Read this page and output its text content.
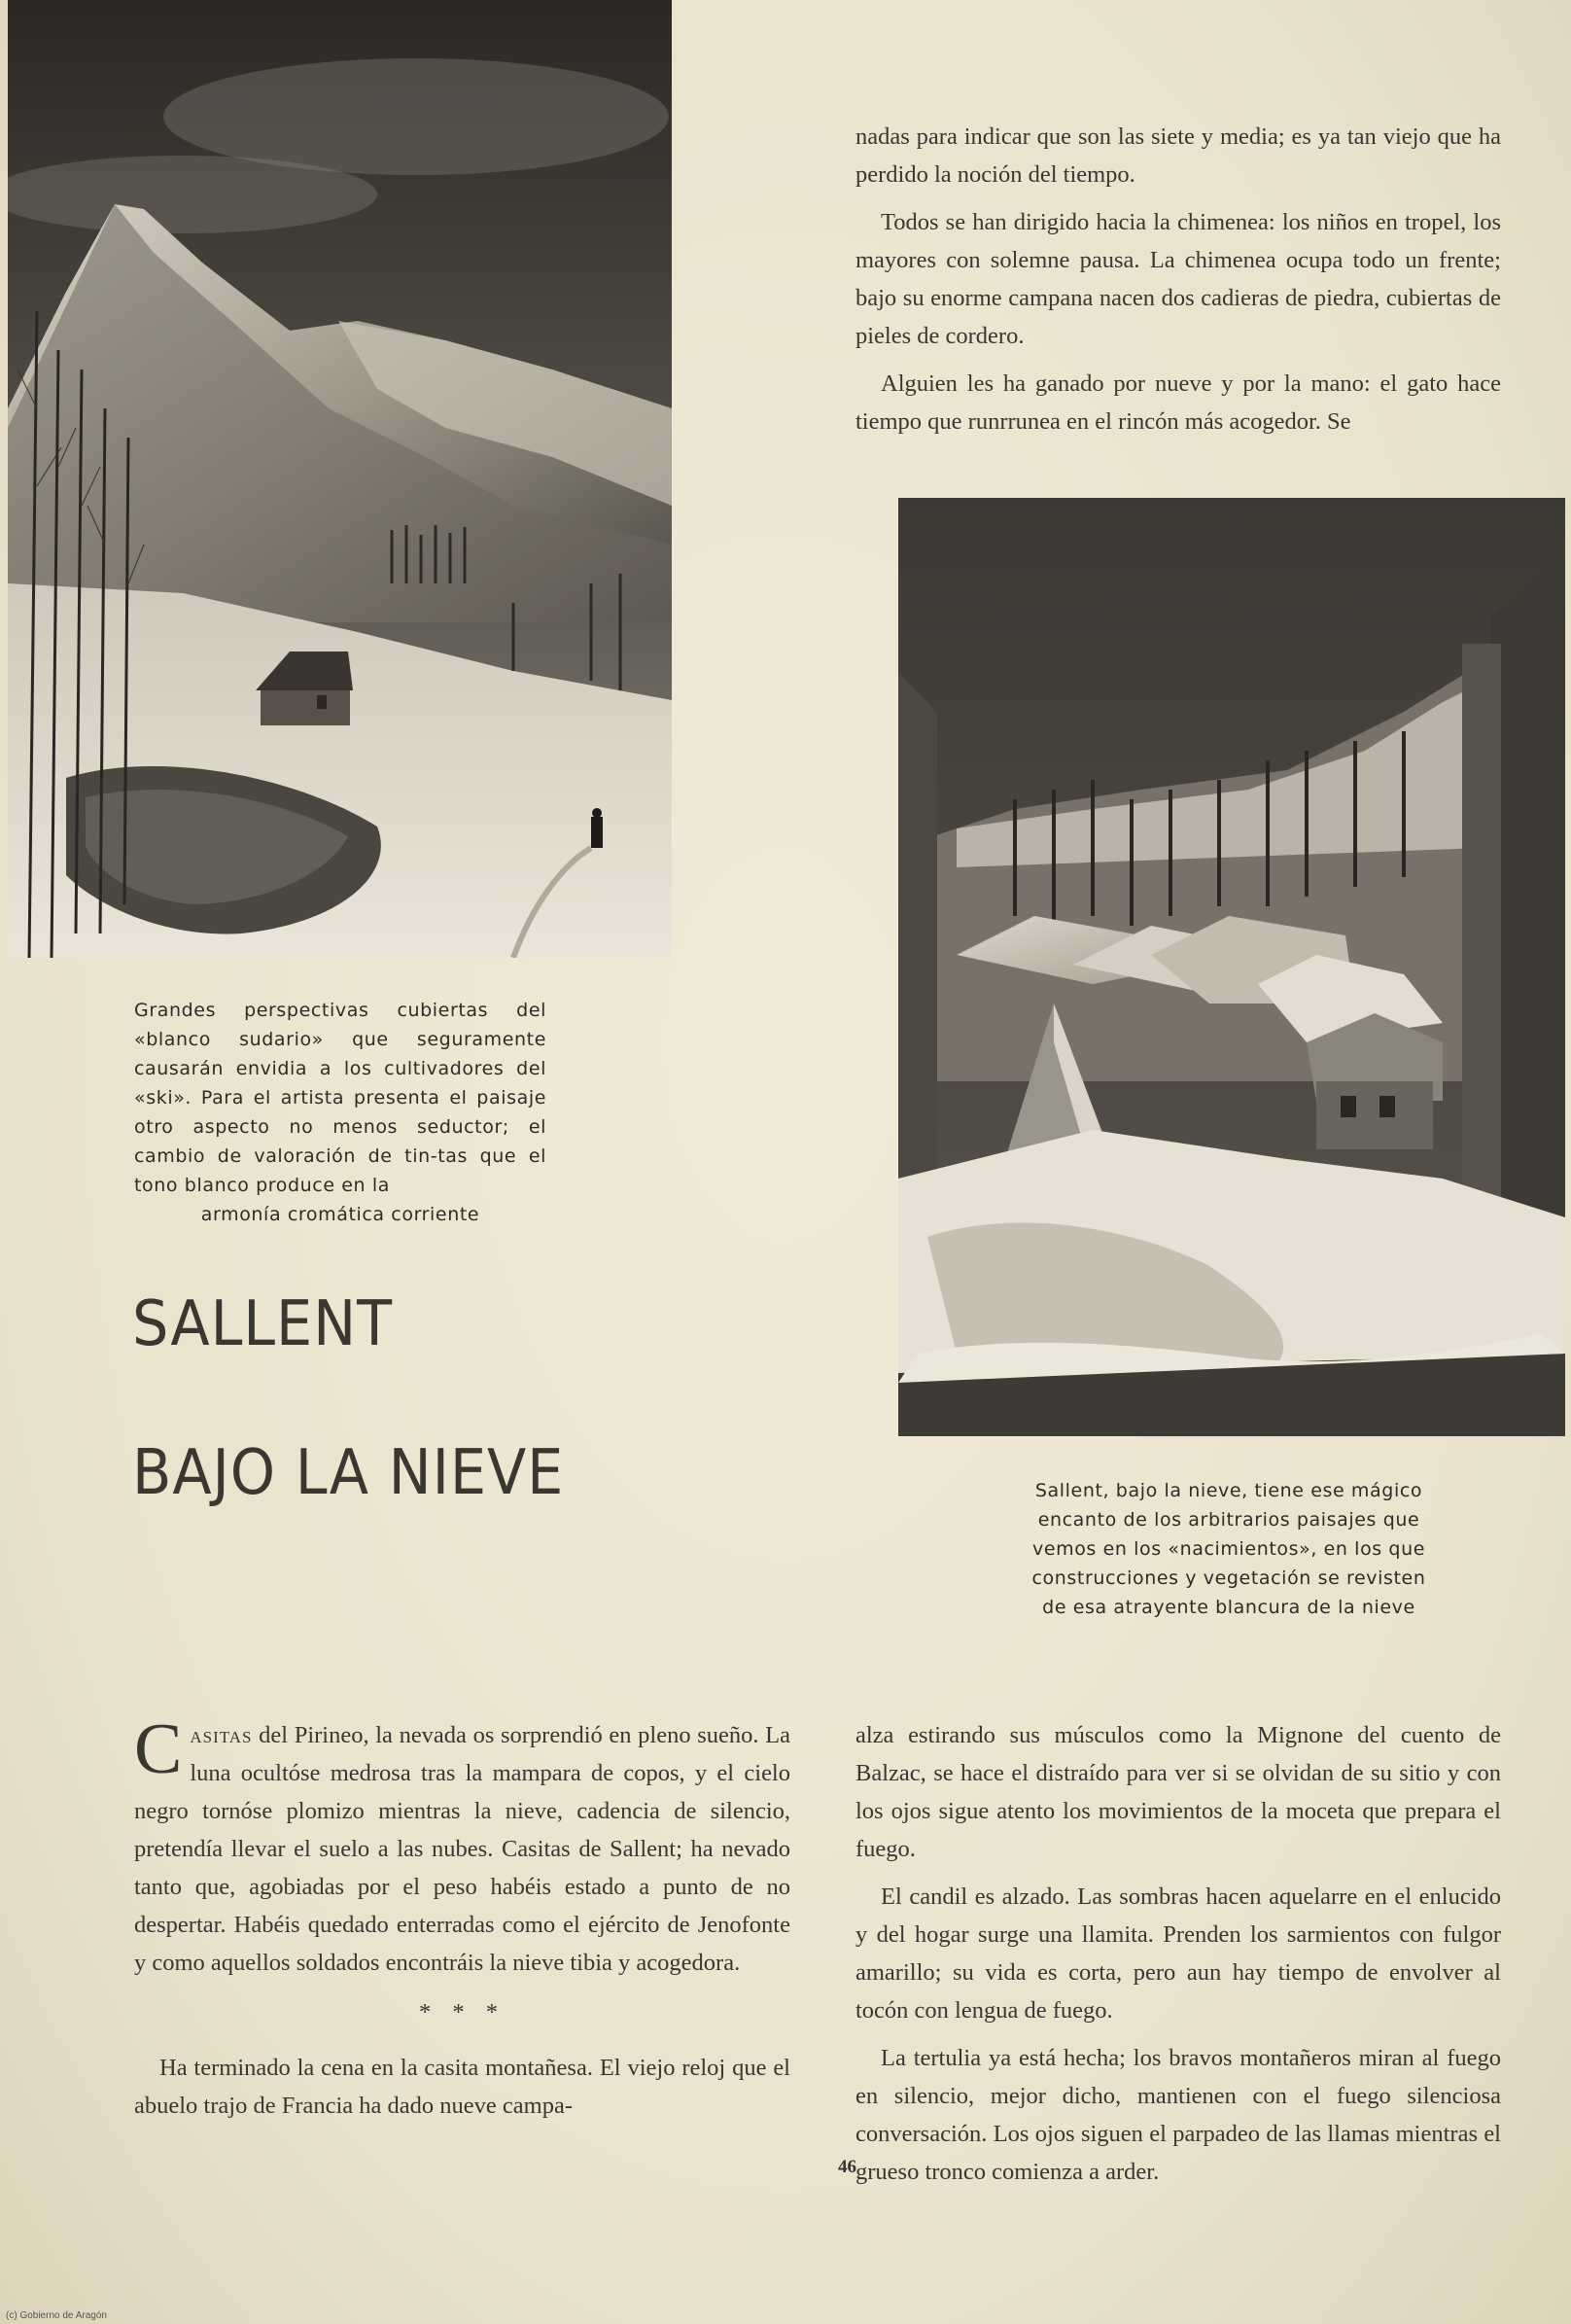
nadas para indicar que son las siete y media; es ya tan viejo que ha perdido la noción del tiempo.

Todos se han dirigido hacia la chimenea: los niños en tropel, los mayores con solemne pausa. La chimenea ocupa todo un frente; bajo su enorme campana nacen dos cadieras de piedra, cubiertas de pieles de cordero.

Alguien les ha ganado por nueve y por la mano: el gato hace tiempo que runrrunea en el rincón más acogedor. Se

Grandes perspectivas cubiertas del «blanco sudario» que seguramente causarán envidia a los cultivadores del «ski». Para el artista presenta el paisaje otro aspecto no menos seductor; el cambio de valoración de tin-tas que el tono blanco produce en la
armonía cromática corriente
Sallent, bajo la nieve, tiene ese mágico encanto de los arbitrarios paisajes que vemos en los «nacimientos», en los que construcciones y vegetación se revisten de esa atrayente blancura de la nieve
SALLENT
BAJO LA NIEVE

Casitas del Pirineo, la nevada os sorprendió en pleno sueño. La luna ocultóse medrosa tras la mampara de copos, y el cielo negro tornóse plomizo mientras la nieve, cadencia de silencio, pretendía llevar el suelo a las nubes. Casitas de Sallent; ha nevado tanto que, agobiadas por el peso habéis estado a punto de no despertar. Habéis quedado enterradas como el ejército de Jenofonte y como aquellos soldados encontráis la nieve tibia y acogedora.

* * *

Ha terminado la cena en la casita montañesa. El viejo reloj que el abuelo trajo de Francia ha dado nueve campa-

alza estirando sus músculos como la Mignone del cuento de Balzac, se hace el distraído para ver si se olvidan de su sitio y con los ojos sigue atento los movimientos de la moceta que prepara el fuego.

El candil es alzado. Las sombras hacen aquelarre en el enlucido y del hogar surge una llamita. Prenden los sarmientos con fulgor amarillo; su vida es corta, pero aun hay tiempo de envolver al tocón con lengua de fuego.

La tertulia ya está hecha; los bravos montañeros miran al fuego en silencio, mejor dicho, mantienen con el fuego silenciosa conversación. Los ojos siguen el parpadeo de las llamas mientras el grueso tronco comienza a arder.

46
(c) Gobierno de Aragón
